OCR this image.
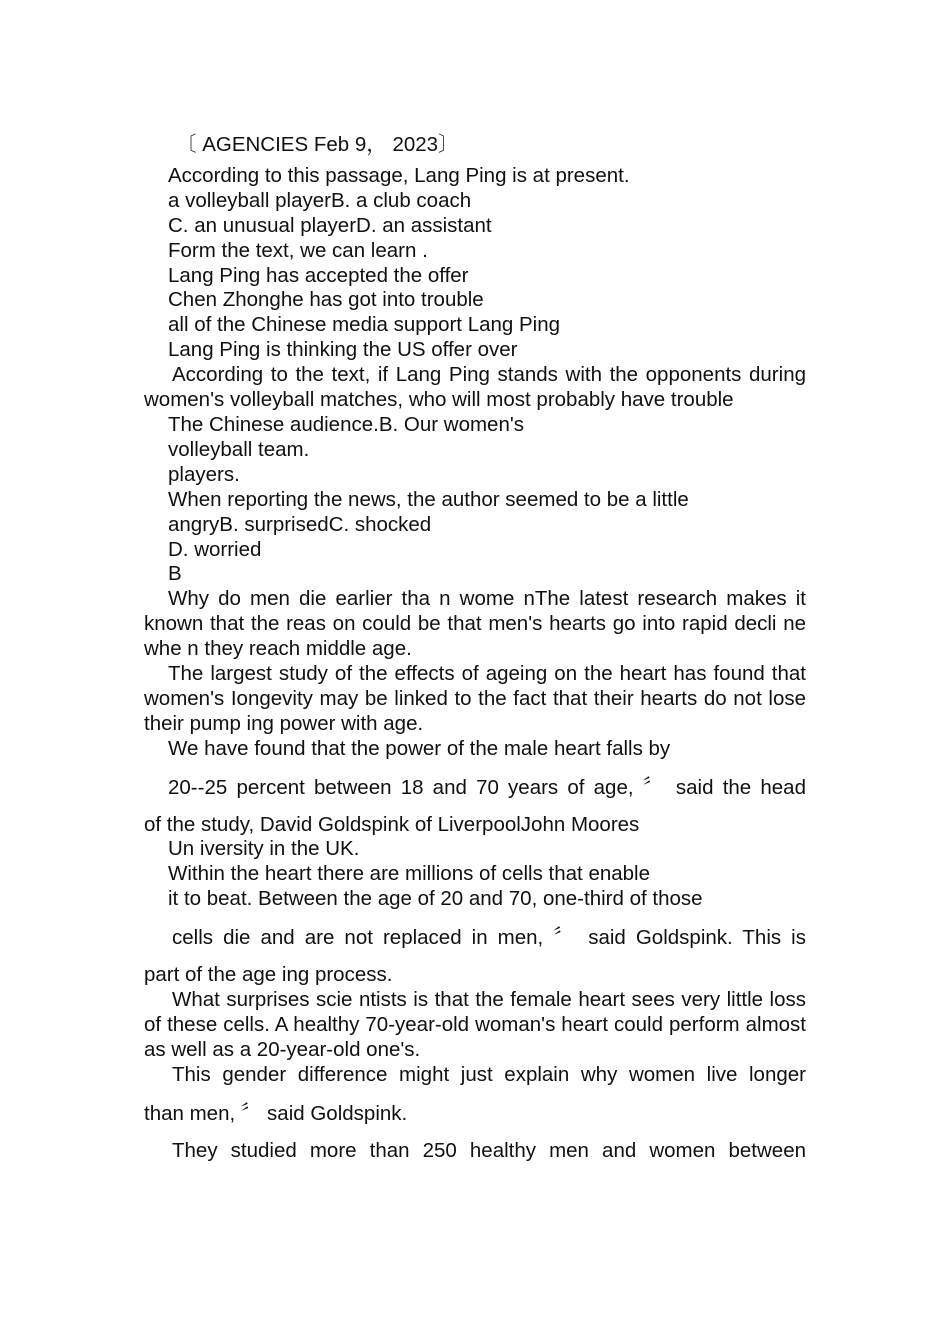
〔 AGENCIES Feb 9， 2023〕
According to this passage, Lang Ping is at present.
a volleyball playerB. a club coach
C. an unusual playerD. an assistant
Form the text, we can learn .
Lang Ping has accepted the offer
Chen Zhonghe has got into trouble
all of the Chinese media support Lang Ping
Lang Ping is thinking the US offer over
According to the text, if Lang Ping stands with the opponents during women's volleyball matches, who will most probably have trouble
The Chinese audience.B. Our women's
volleyball team.
players.
When reporting the news, the author seemed to be a little
angryB. surprisedC. shocked
D. worried
B
Why do men die earlier tha n wome nThe latest research makes it known that the reas on could be that men's hearts go into rapid decli ne whe n they reach middle age.
The largest study of the effects of ageing on the heart has found that women's Iongevity may be linked to the fact that their hearts do not lose their pump ing power with age.
We have found that the power of the male heart falls by
20--25 percent between 18 and 70 years of age, 〞 said the head
of the study, David Goldspink of LiverpoolJohn Moores
Un iversity in the UK.
Within the heart there are millions of cells that enable
it to beat. Between the age of 20 and 70, one-third of those
cells die and are not replaced in men, 〞 said Goldspink. This is
part of the age ing process.
What surprises scie ntists is that the female heart sees very little loss of these cells. A healthy 70-year-old woman's heart could perform almost as well as a 20-year-old one's.
This gender difference might just explain why women live longer
than men, 〞 said Goldspink.
They studied more than 250 healthy men and women between
